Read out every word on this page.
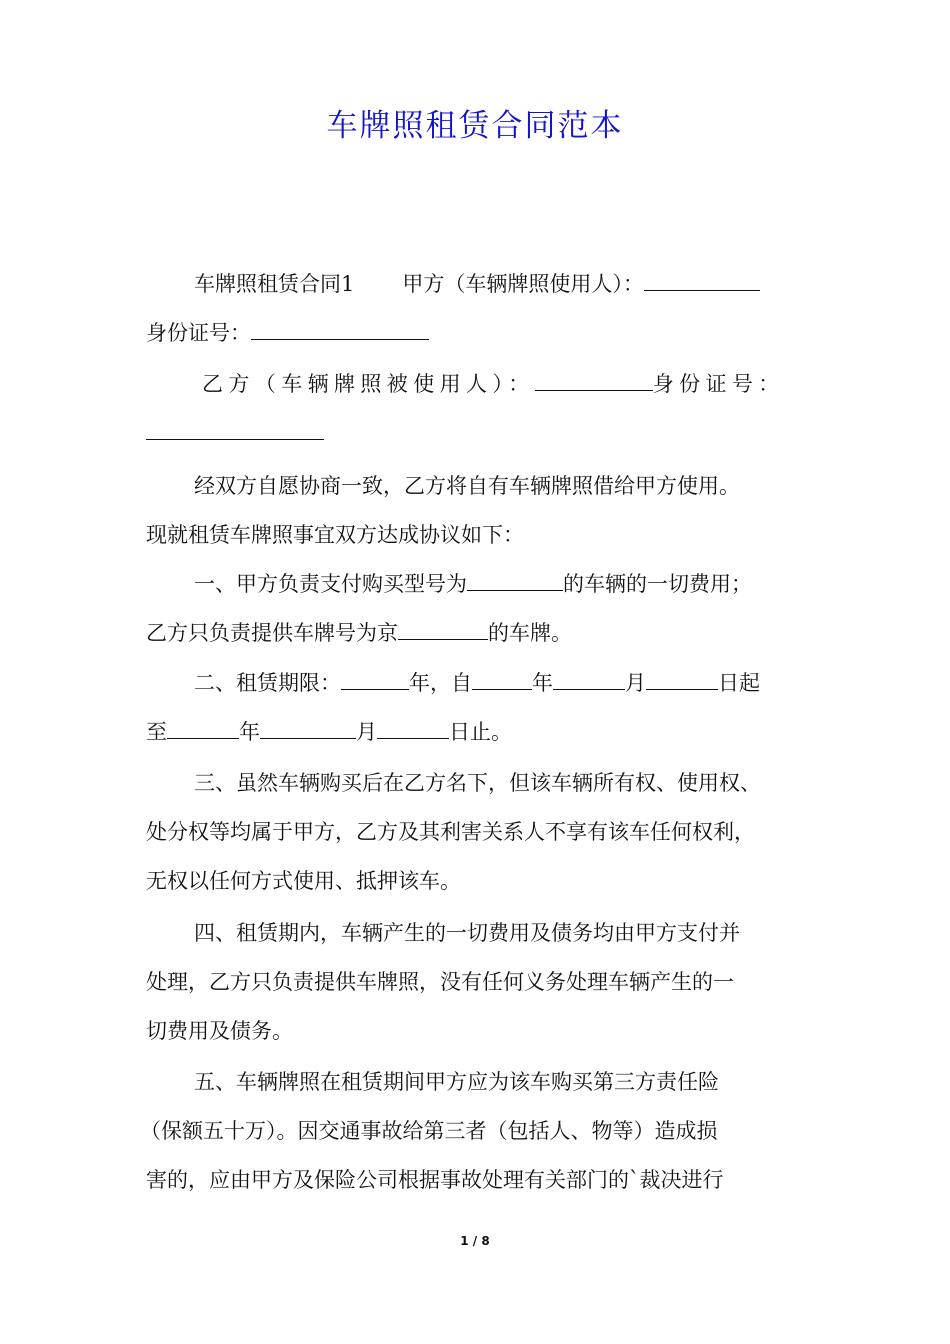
车牌照租赁合同范本
车牌照租赁合同1 甲方（车辆牌照使用人）：
身份证号：
乙方（车辆牌照被使用人）：	身份证号：
经双方自愿协商一致，乙方将自有车辆牌照借给甲方使用。
现就租赁车牌照事宜双方达成协议如下：
一、甲方负责支付购买型号为	的车辆的一切费用；
乙方只负责提供车牌号为京	的车牌。
二、租赁期限：	年，自	年	月	日起
至	年	月	日止。
三、虽然车辆购买后在乙方名下，但该车辆所有权、使用权、
处分权等均属于甲方，乙方及其利害关系人不享有该车任何权利，
无权以任何方式使用、抵押该车。
四、租赁期内，车辆产生的一切费用及债务均由甲方支付并
处理，乙方只负责提供车牌照，没有任何义务处理车辆产生的一
切费用及债务。
五、车辆牌照在租赁期间甲方应为该车购买第三方责任险
（保额五十万）。因交通事故给第三者（包括人、物等）造成损
害的，应由甲方及保险公司根据事故处理有关部门的`裁决进行
1 / 8
